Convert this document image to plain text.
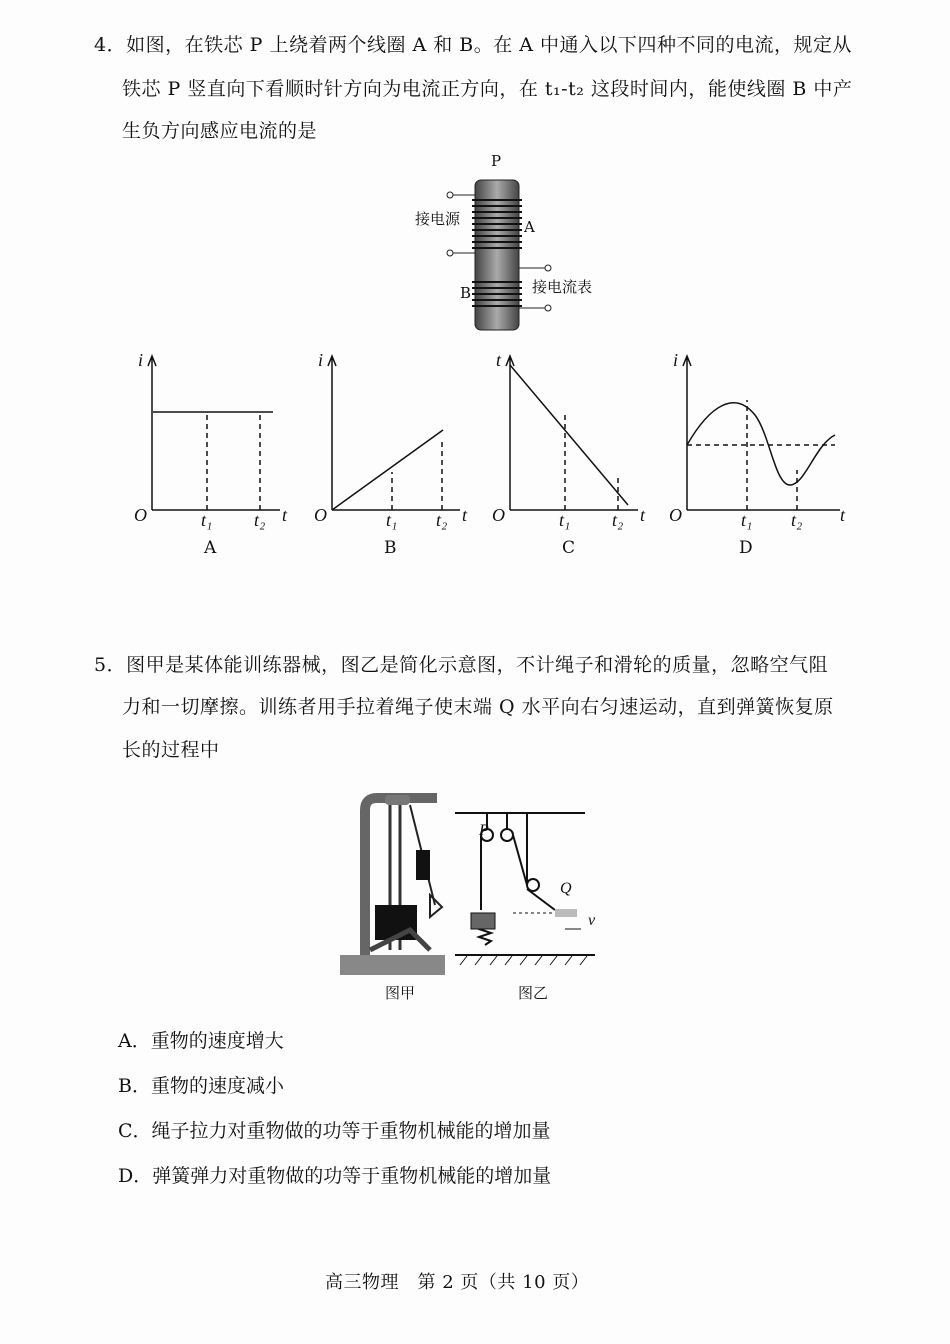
4．如图，在铁芯 P 上绕着两个线圈 A 和 B。在 A 中通入以下四种不同的电流，规定从
铁芯 P 竖直向下看顺时针方向为电流正方向，在 t₁-t₂ 这段时间内，能使线圈 B 中产
生负方向感应电流的是
P
A
B
接电源
接电流表
i
O	t₁ t₂ t
A
i
O	t₁ t₂ t
B
t
O	t₁ t₂ t
C
i
O	t₁ t₂ t
D
5．图甲是某体能训练器械，图乙是简化示意图，不计绳子和滑轮的质量，忽略空气阻
力和一切摩擦。训练者用手拉着绳子使末端 Q 水平向右匀速运动，直到弹簧恢复原
长的过程中
P
Q
v
图甲	图乙
A．重物的速度增大
B．重物的速度减小
C．绳子拉力对重物做的功等于重物机械能的增加量
D．弹簧弹力对重物做的功等于重物机械能的增加量
高三物理　第 2 页（共 10 页）
